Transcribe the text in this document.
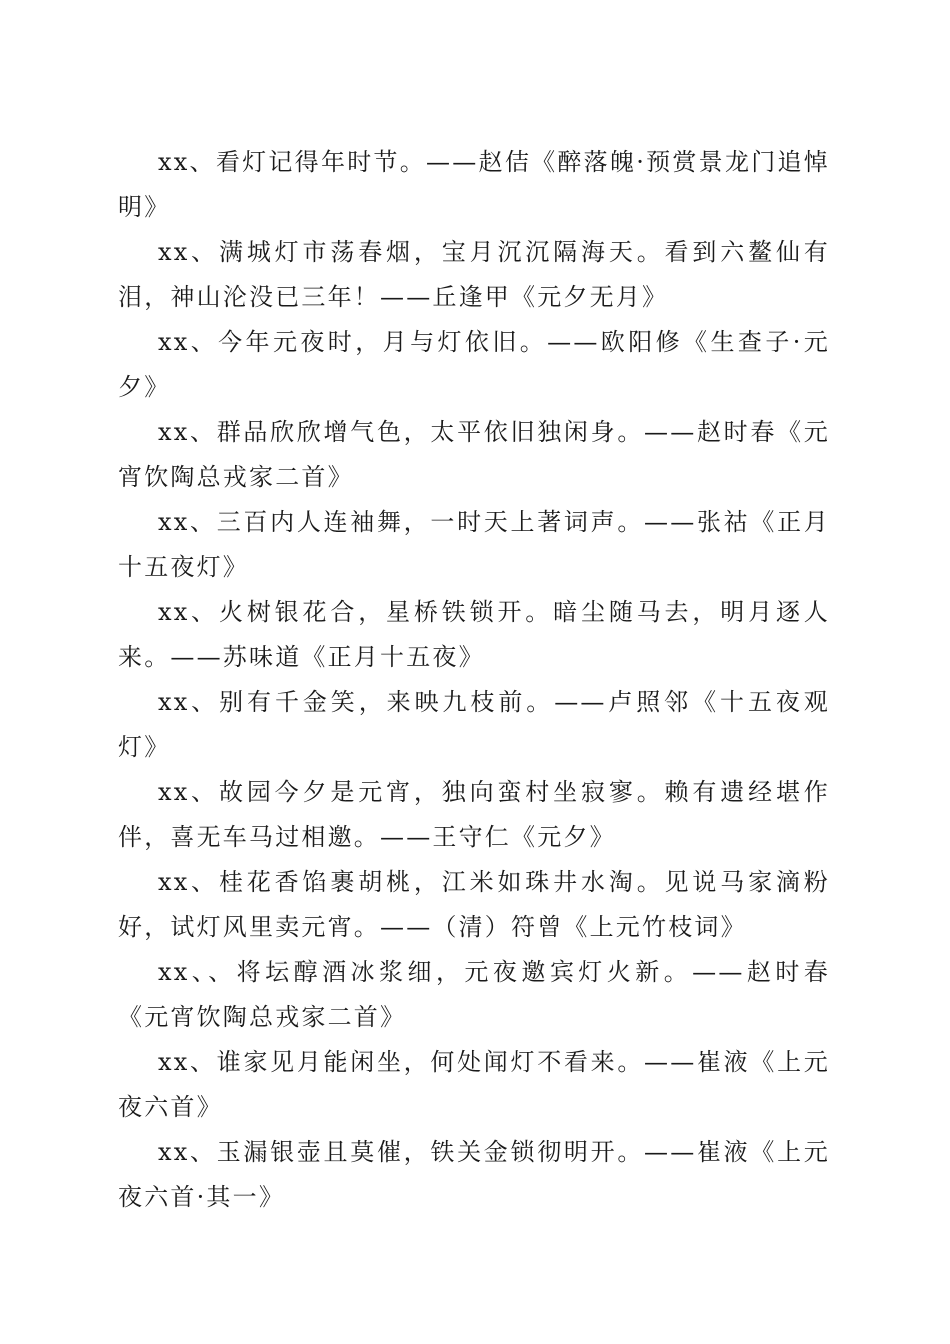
xx、看灯记得年时节。——赵佶《醉落魄·预赏景龙门追悼明》

xx、满城灯市荡春烟，宝月沉沉隔海天。看到六鳌仙有泪，神山沦没已三年！——丘逢甲《元夕无月》

xx、今年元夜时，月与灯依旧。——欧阳修《生查子·元夕》

xx、群品欣欣增气色，太平依旧独闲身。——赵时春《元宵饮陶总戎家二首》

xx、三百内人连袖舞，一时天上著词声。——张祜《正月十五夜灯》

xx、火树银花合，星桥铁锁开。暗尘随马去，明月逐人来。——苏味道《正月十五夜》

xx、别有千金笑，来映九枝前。——卢照邻《十五夜观灯》

xx、故园今夕是元宵，独向蛮村坐寂寥。赖有遗经堪作伴，喜无车马过相邀。——王守仁《元夕》

xx、桂花香馅裹胡桃，江米如珠井水淘。见说马家滴粉好，试灯风里卖元宵。——（清）符曾《上元竹枝词》

xx、、将坛醇酒冰浆细，元夜邀宾灯火新。——赵时春《元宵饮陶总戎家二首》

xx、谁家见月能闲坐，何处闻灯不看来。——崔液《上元夜六首》

xx、玉漏银壶且莫催，铁关金锁彻明开。——崔液《上元夜六首·其一》
